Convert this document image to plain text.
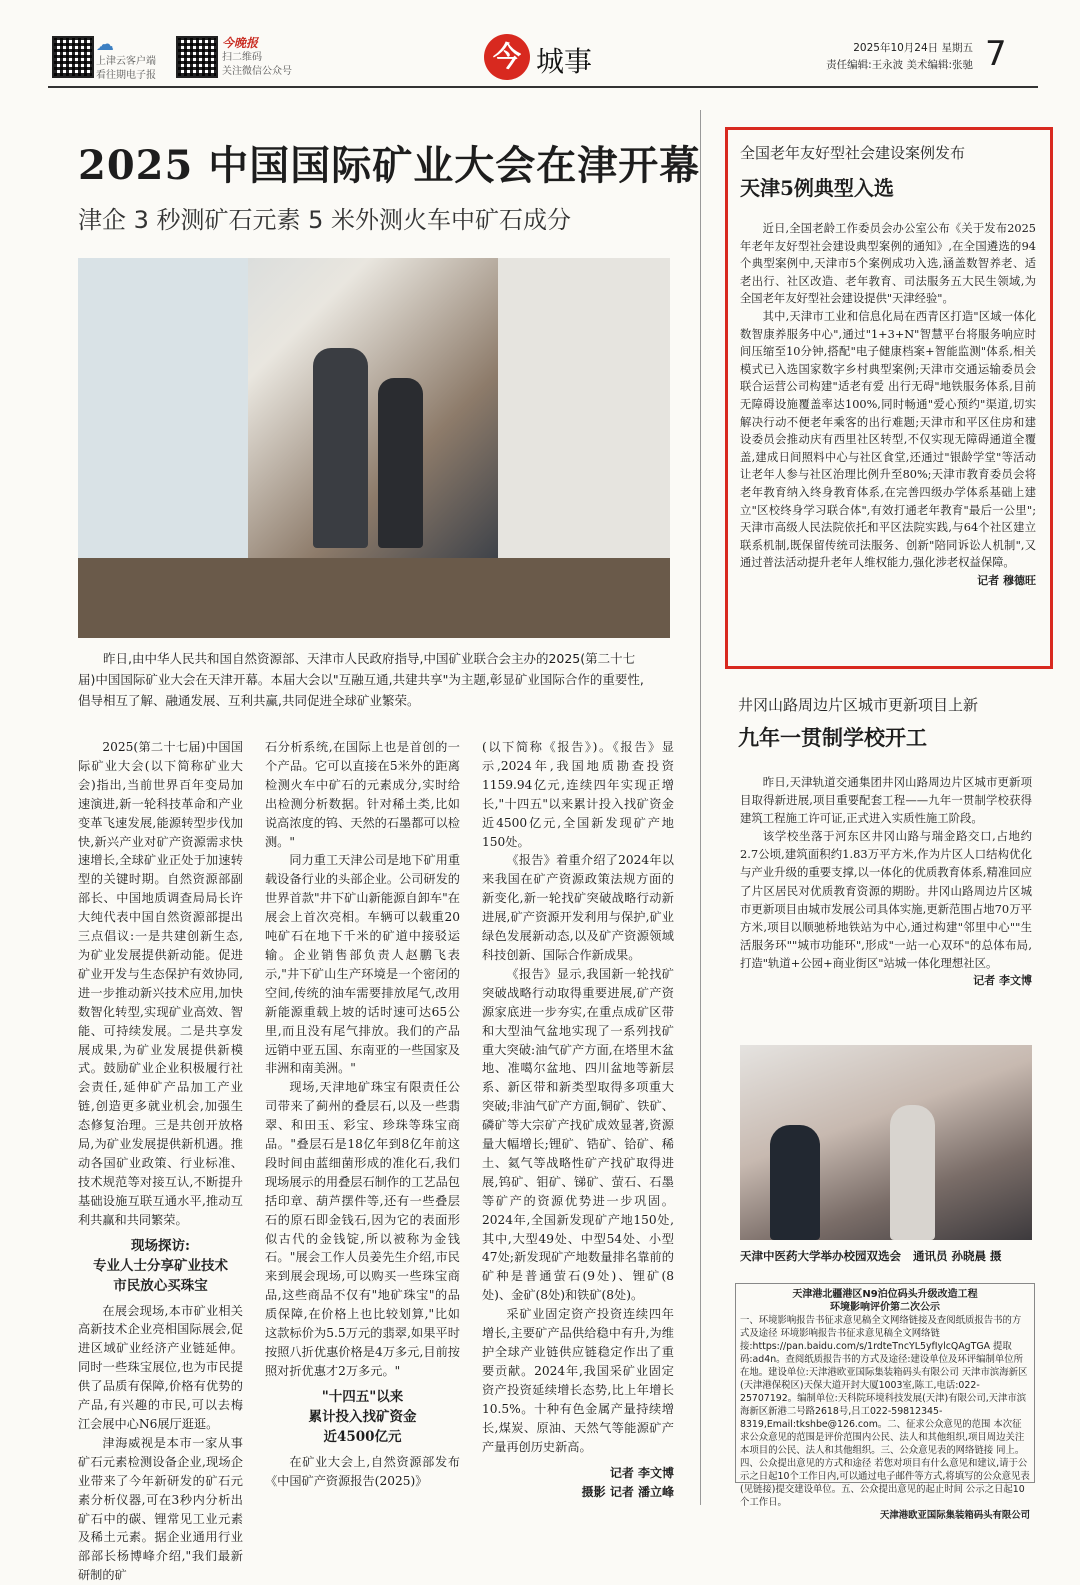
☁
上津云客户端
看往期电子报
今晚报
扫二维码
关注微信公众号	今 城事	2025年10月24日 星期五
责任编辑:王永波 美术编辑:张驰 7
2025 中国国际矿业大会在津开幕
津企 3 秒测矿石元素 5 米外测火车中矿石成分
昨日,由中华人民共和国自然资源部、天津市人民政府指导,中国矿业联合会主办的2025(第二十七届)中国国际矿业大会在天津开幕。本届大会以"互融互通,共建共享"为主题,彰显矿业国际合作的重要性,倡导相互了解、融通发展、互利共赢,共同促进全球矿业繁荣。

2025(第二十七届)中国国际矿业大会(以下简称矿业大会)指出,当前世界百年变局加速演进,新一轮科技革命和产业变革飞速发展,能源转型步伐加快,新兴产业对矿产资源需求快速增长,全球矿业正处于加速转型的关键时期。自然资源部副部长、中国地质调查局局长许大纯代表中国自然资源部提出三点倡议:一是共建创新生态,为矿业发展提供新动能。促进矿业开发与生态保护有效协同,进一步推动新兴技术应用,加快数智化转型,实现矿业高效、智能、可持续发展。二是共享发展成果,为矿业发展提供新模式。鼓励矿业企业积极履行社会责任,延伸矿产品加工产业链,创造更多就业机会,加强生态修复治理。三是共创开放格局,为矿业发展提供新机遇。推动各国矿业政策、行业标准、技术规范等对接互认,不断提升基础设施互联互通水平,推动互利共赢和共同繁荣。

现场探访:
专业人士分享矿业技术
市民放心买珠宝

在展会现场,本市矿业相关高新技术企业亮相国际展会,促进区域矿业经济产业链延伸。同时一些珠宝展位,也为市民提供了品质有保障,价格有优势的产品,有兴趣的市民,可以去梅江会展中心N6展厅逛逛。

津海威视是本市一家从事矿石元素检测设备企业,现场企业带来了今年新研发的矿石元素分析仪器,可在3秒内分析出矿石中的碳、锂常见工业元素及稀土元素。据企业通用行业部部长杨博峰介绍,"我们最新研制的矿

石分析系统,在国际上也是首创的一个产品。它可以直接在5米外的距离检测火车中矿石的元素成分,实时给出检测分析数据。针对稀土类,比如说高浓度的钨、天然的石墨都可以检测。"

同力重工天津公司是地下矿用重载设备行业的头部企业。公司研发的世界首款"井下矿山新能源自卸车"在展会上首次亮相。车辆可以载重20吨矿石在地下千米的矿道中接驳运输。企业销售部负责人赵鹏飞表示,"井下矿山生产环境是一个密闭的空间,传统的油车需要排放尾气,改用新能源重载上坡的话时速可达65公里,而且没有尾气排放。我们的产品远销中亚五国、东南亚的一些国家及非洲和南美洲。"

现场,天津地矿珠宝有限责任公司带来了蓟州的叠层石,以及一些翡翠、和田玉、彩宝、珍珠等珠宝商品。"叠层石是18亿年到8亿年前这段时间由蓝细菌形成的准化石,我们现场展示的用叠层石制作的工艺品包括印章、葫芦摆件等,还有一些叠层石的原石即金钱石,因为它的表面形似古代的金钱锭,所以被称为金钱石。"展会工作人员姜先生介绍,市民来到展会现场,可以购买一些珠宝商品,这些商品不仅有"地矿珠宝"的品质保障,在价格上也比较划算,"比如这款标价为5.5万元的翡翠,如果平时按照八折优惠价格是4万多元,目前按照对折优惠才2万多元。"

"十四五"以来
累计投入找矿资金
近4500亿元

在矿业大会上,自然资源部发布《中国矿产资源报告(2025)》

(以下简称《报告》)。《报告》显示,2024年,我国地质勘查投资1159.94亿元,连续四年实现正增长,"十四五"以来累计投入找矿资金近4500亿元,全国新发现矿产地150处。

《报告》着重介绍了2024年以来我国在矿产资源政策法规方面的新变化,新一轮找矿突破战略行动新进展,矿产资源开发利用与保护,矿业绿色发展新动态,以及矿产资源领域科技创新、国际合作新成果。

《报告》显示,我国新一轮找矿突破战略行动取得重要进展,矿产资源家底进一步夯实,在重点成矿区带和大型油气盆地实现了一系列找矿重大突破:油气矿产方面,在塔里木盆地、准噶尔盆地、四川盆地等新层系、新区带和新类型取得多项重大突破;非油气矿产方面,铜矿、铁矿、磷矿等大宗矿产找矿成效显著,资源量大幅增长;锂矿、锆矿、铪矿、稀土、氦气等战略性矿产找矿取得进展,钨矿、钼矿、锑矿、萤石、石墨等矿产的资源优势进一步巩固。2024年,全国新发现矿产地150处,其中,大型49处、中型54处、小型47处;新发现矿产地数量排名靠前的矿种是普通萤石(9处)、锂矿(8处)、金矿(8处)和铁矿(8处)。

采矿业固定资产投资连续四年增长,主要矿产品供给稳中有升,为维护全球产业链供应链稳定作出了重要贡献。2024年,我国采矿业固定资产投资延续增长态势,比上年增长10.5%。十种有色金属产量持续增长,煤炭、原油、天然气等能源矿产产量再创历史新高。

记者 李文博
摄影 记者 潘立峰
全国老年友好型社会建设案例发布
天津5例典型入选

近日,全国老龄工作委员会办公室公布《关于发布2025年老年友好型社会建设典型案例的通知》,在全国遴选的94个典型案例中,天津市5个案例成功入选,涵盖数智养老、适老出行、社区改造、老年教育、司法服务五大民生领域,为全国老年友好型社会建设提供"天津经验"。

其中,天津市工业和信息化局在西青区打造"区域一体化数智康养服务中心",通过"1+3+N"智慧平台将服务响应时间压缩至10分钟,搭配"电子健康档案+智能监测"体系,相关模式已入选国家数字乡村典型案例;天津市交通运输委员会联合运营公司构建"适老有爱 出行无碍"地铁服务体系,目前无障碍设施覆盖率达100%,同时畅通"爱心预约"渠道,切实解决行动不便老年乘客的出行难题;天津市和平区住房和建设委员会推动庆有西里社区转型,不仅实现无障碍通道全覆盖,建成日间照料中心与社区食堂,还通过"银龄学堂"等活动让老年人参与社区治理比例升至80%;天津市教育委员会将老年教育纳入终身教育体系,在完善四级办学体系基础上建立"区校终身学习联合体",有效打通老年教育"最后一公里";天津市高级人民法院依托和平区法院实践,与64个社区建立联系机制,既保留传统司法服务、创新"陪同诉讼人机制",又通过普法活动提升老年人维权能力,强化涉老权益保障。

记者 穆德旺
井冈山路周边片区城市更新项目上新
九年一贯制学校开工

昨日,天津轨道交通集团井冈山路周边片区城市更新项目取得新进展,项目重要配套工程——九年一贯制学校获得建筑工程施工许可证,正式进入实质性施工阶段。

该学校坐落于河东区井冈山路与瑞金路交口,占地约2.7公顷,建筑面积约1.83万平方米,作为片区人口结构优化与产业升级的重要支撑,以一体化的优质教育体系,精准回应了片区居民对优质教育资源的期盼。井冈山路周边片区城市更新项目由城市发展公司具体实施,更新范围占地70万平方米,项目以顺驰桥地铁站为中心,通过构建"邻里中心""生活服务环""城市功能环",形成"一站一心双环"的总体布局,打造"轨道+公园+商业街区"站城一体化理想社区。

记者 李文博
天津中医药大学举办校园双选会   通讯员 孙晓晨 摄
天津港北疆港区N9泊位码头升级改造工程
环境影响评价第二次公示
一、环境影响报告书征求意见稿全文网络链接及查阅纸质报告书的方式及途径 环境影响报告书征求意见稿全文网络链接:https://pan.baidu.com/s/1rdteTncYL5yfIylcQAgTGA 提取码:ad4n。查阅纸质报告书的方式及途径:建设单位及环评编制单位所在地。建设单位:天津港欧亚国际集装箱码头有限公司 天津市滨海新区(天津港保税区)天保大道开封大厦1003室,陈工,电话:022-25707192。编制单位:天科院环境科技发展(天津)有限公司,天津市滨海新区新港二号路2618号,吕工022-59812345-8319,Email:tkshbe@126.com。二、征求公众意见的范围 本次征求公众意见的范围是评价范围内公民、法人和其他组织,项目周边关注本项目的公民、法人和其他组织。三、公众意见表的网络链接 同上。四、公众提出意见的方式和途径 若您对项目有什么意见和建议,请于公示之日起10个工作日内,可以通过电子邮件等方式,将填写的公众意见表(见链接)提交建设单位。五、公众提出意见的起止时间 公示之日起10个工作日。
天津港欧亚国际集装箱码头有限公司
